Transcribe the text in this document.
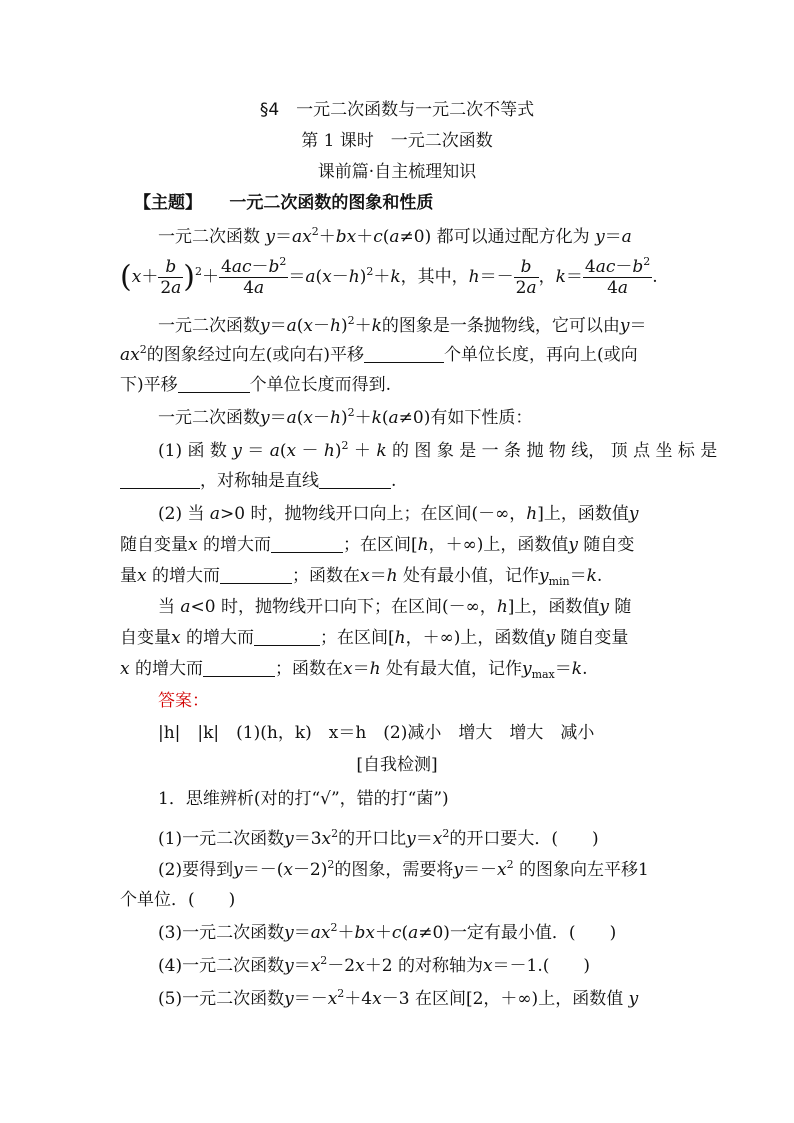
§4　一元二次函数与一元二次不等式
第 1 课时　一元二次函数
课前篇·自主梳理知识
【主题】 一元二次函数的图象和性质
一元二次函数 $y=ax^2+bx+c(a\ne 0)$ 都可以通过配方化为 y＝a
$(x+ \frac{b}{2a} )^2+ \frac{4ac-b^2}{4a} =a(x-h)^2+k$，其中，$h=- \frac{b}{2a}$ ，$k= \frac{4ac-b^2}{4a}$ .
一元二次函数$y=a(x-h)^2+k$的图象是一条抛物线，它可以由y＝
$ax^2$的图象经过向左(或向右)平移	个单位长度，再向上(或向
下)平移	个单位长度而得到.
一元二次函数$y=a(x-h)^2+k(a\ne 0)$有如下性质：
(1) 函 数 $y = a(x - h)^2 + k$ 的 图 象 是 一 条 抛 物 线， 顶 点 坐 标 是
，对称轴是直线	.
(2) 当 a>0 时，抛物线开口向上；在区间(－∞，h]上，函数值y
随自变量x 的增大而	；在区间[h，＋∞)上，函数值y 随自变
量x 的增大而	；函数在x＝h 处有最小值，记作$y_{min}=k$.
当 a<0 时，抛物线开口向下；在区间(－∞，h]上，函数值y 随
自变量x 的增大而	；在区间[h，＋∞)上，函数值y 随自变量
x 的增大而	；函数在x＝h 处有最大值，记作$y_{max}=k$.
答案：
|h|　|k|　(1)(h，k)　x＝h　(2)减小　增大　增大　减小
[自我检测]
1．思维辨析(对的打“√”，错的打“菌”)
(1)一元二次函数$y=3x^2$的开口比$y=x^2$的开口要大．(　　)
(2)要得到$y=-(x-2)^2$的图象，需要将$y=-x^2$ 的图象向左平移1
个单位．(　　)
(3)一元二次函数$y=ax^2+bx+c(a\ne 0)$一定有最小值．(　　)
(4)一元二次函数$y=x^2-2x+2$ 的对称轴为x＝－1.(　　)
(5)一元二次函数$y=-x^2+4x-3$ 在区间[2，＋∞)上，函数值 y
